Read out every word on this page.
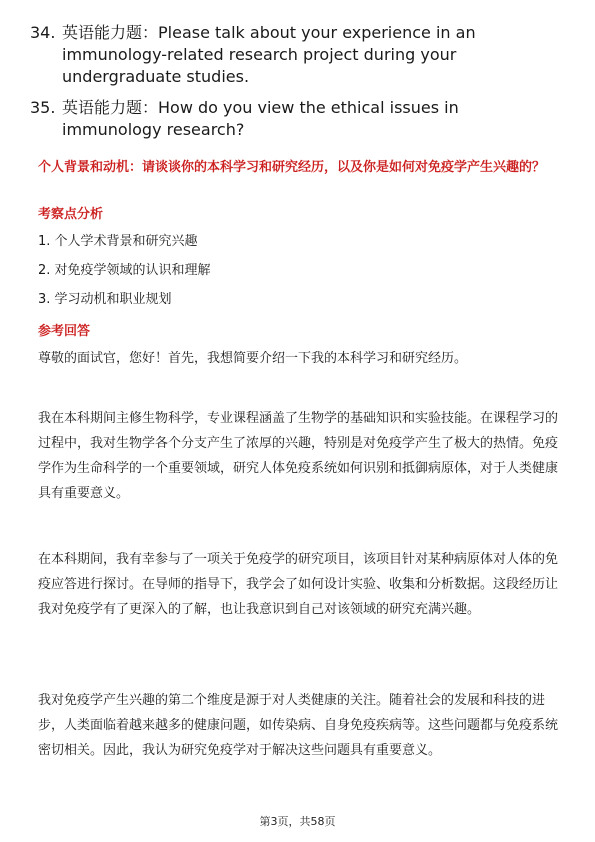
34. 英语能力题：Please talk about your experience in an immunology-related research project during your undergraduate studies.
35. 英语能力题：How do you view the ethical issues in immunology research?
个人背景和动机：请谈谈你的本科学习和研究经历，以及你是如何对免疫学产生兴趣的？
考察点分析
1. 个人学术背景和研究兴趣
2. 对免疫学领域的认识和理解
3. 学习动机和职业规划
参考回答
尊敬的面试官，您好！首先，我想简要介绍一下我的本科学习和研究经历。
我在本科期间主修生物科学，专业课程涵盖了生物学的基础知识和实验技能。在课程学习的过程中，我对生物学各个分支产生了浓厚的兴趣，特别是对免疫学产生了极大的热情。免疫学作为生命科学的一个重要领域，研究人体免疫系统如何识别和抵御病原体，对于人类健康具有重要意义。
在本科期间，我有幸参与了一项关于免疫学的研究项目，该项目针对某种病原体对人体的免疫应答进行探讨。在导师的指导下，我学会了如何设计实验、收集和分析数据。这段经历让我对免疫学有了更深入的了解，也让我意识到自己对该领域的研究充满兴趣。
我对免疫学产生兴趣的第二个维度是源于对人类健康的关注。随着社会的发展和科技的进步，人类面临着越来越多的健康问题，如传染病、自身免疫疾病等。这些问题都与免疫系统密切相关。因此，我认为研究免疫学对于解决这些问题具有重要意义。
第3页，共58页
